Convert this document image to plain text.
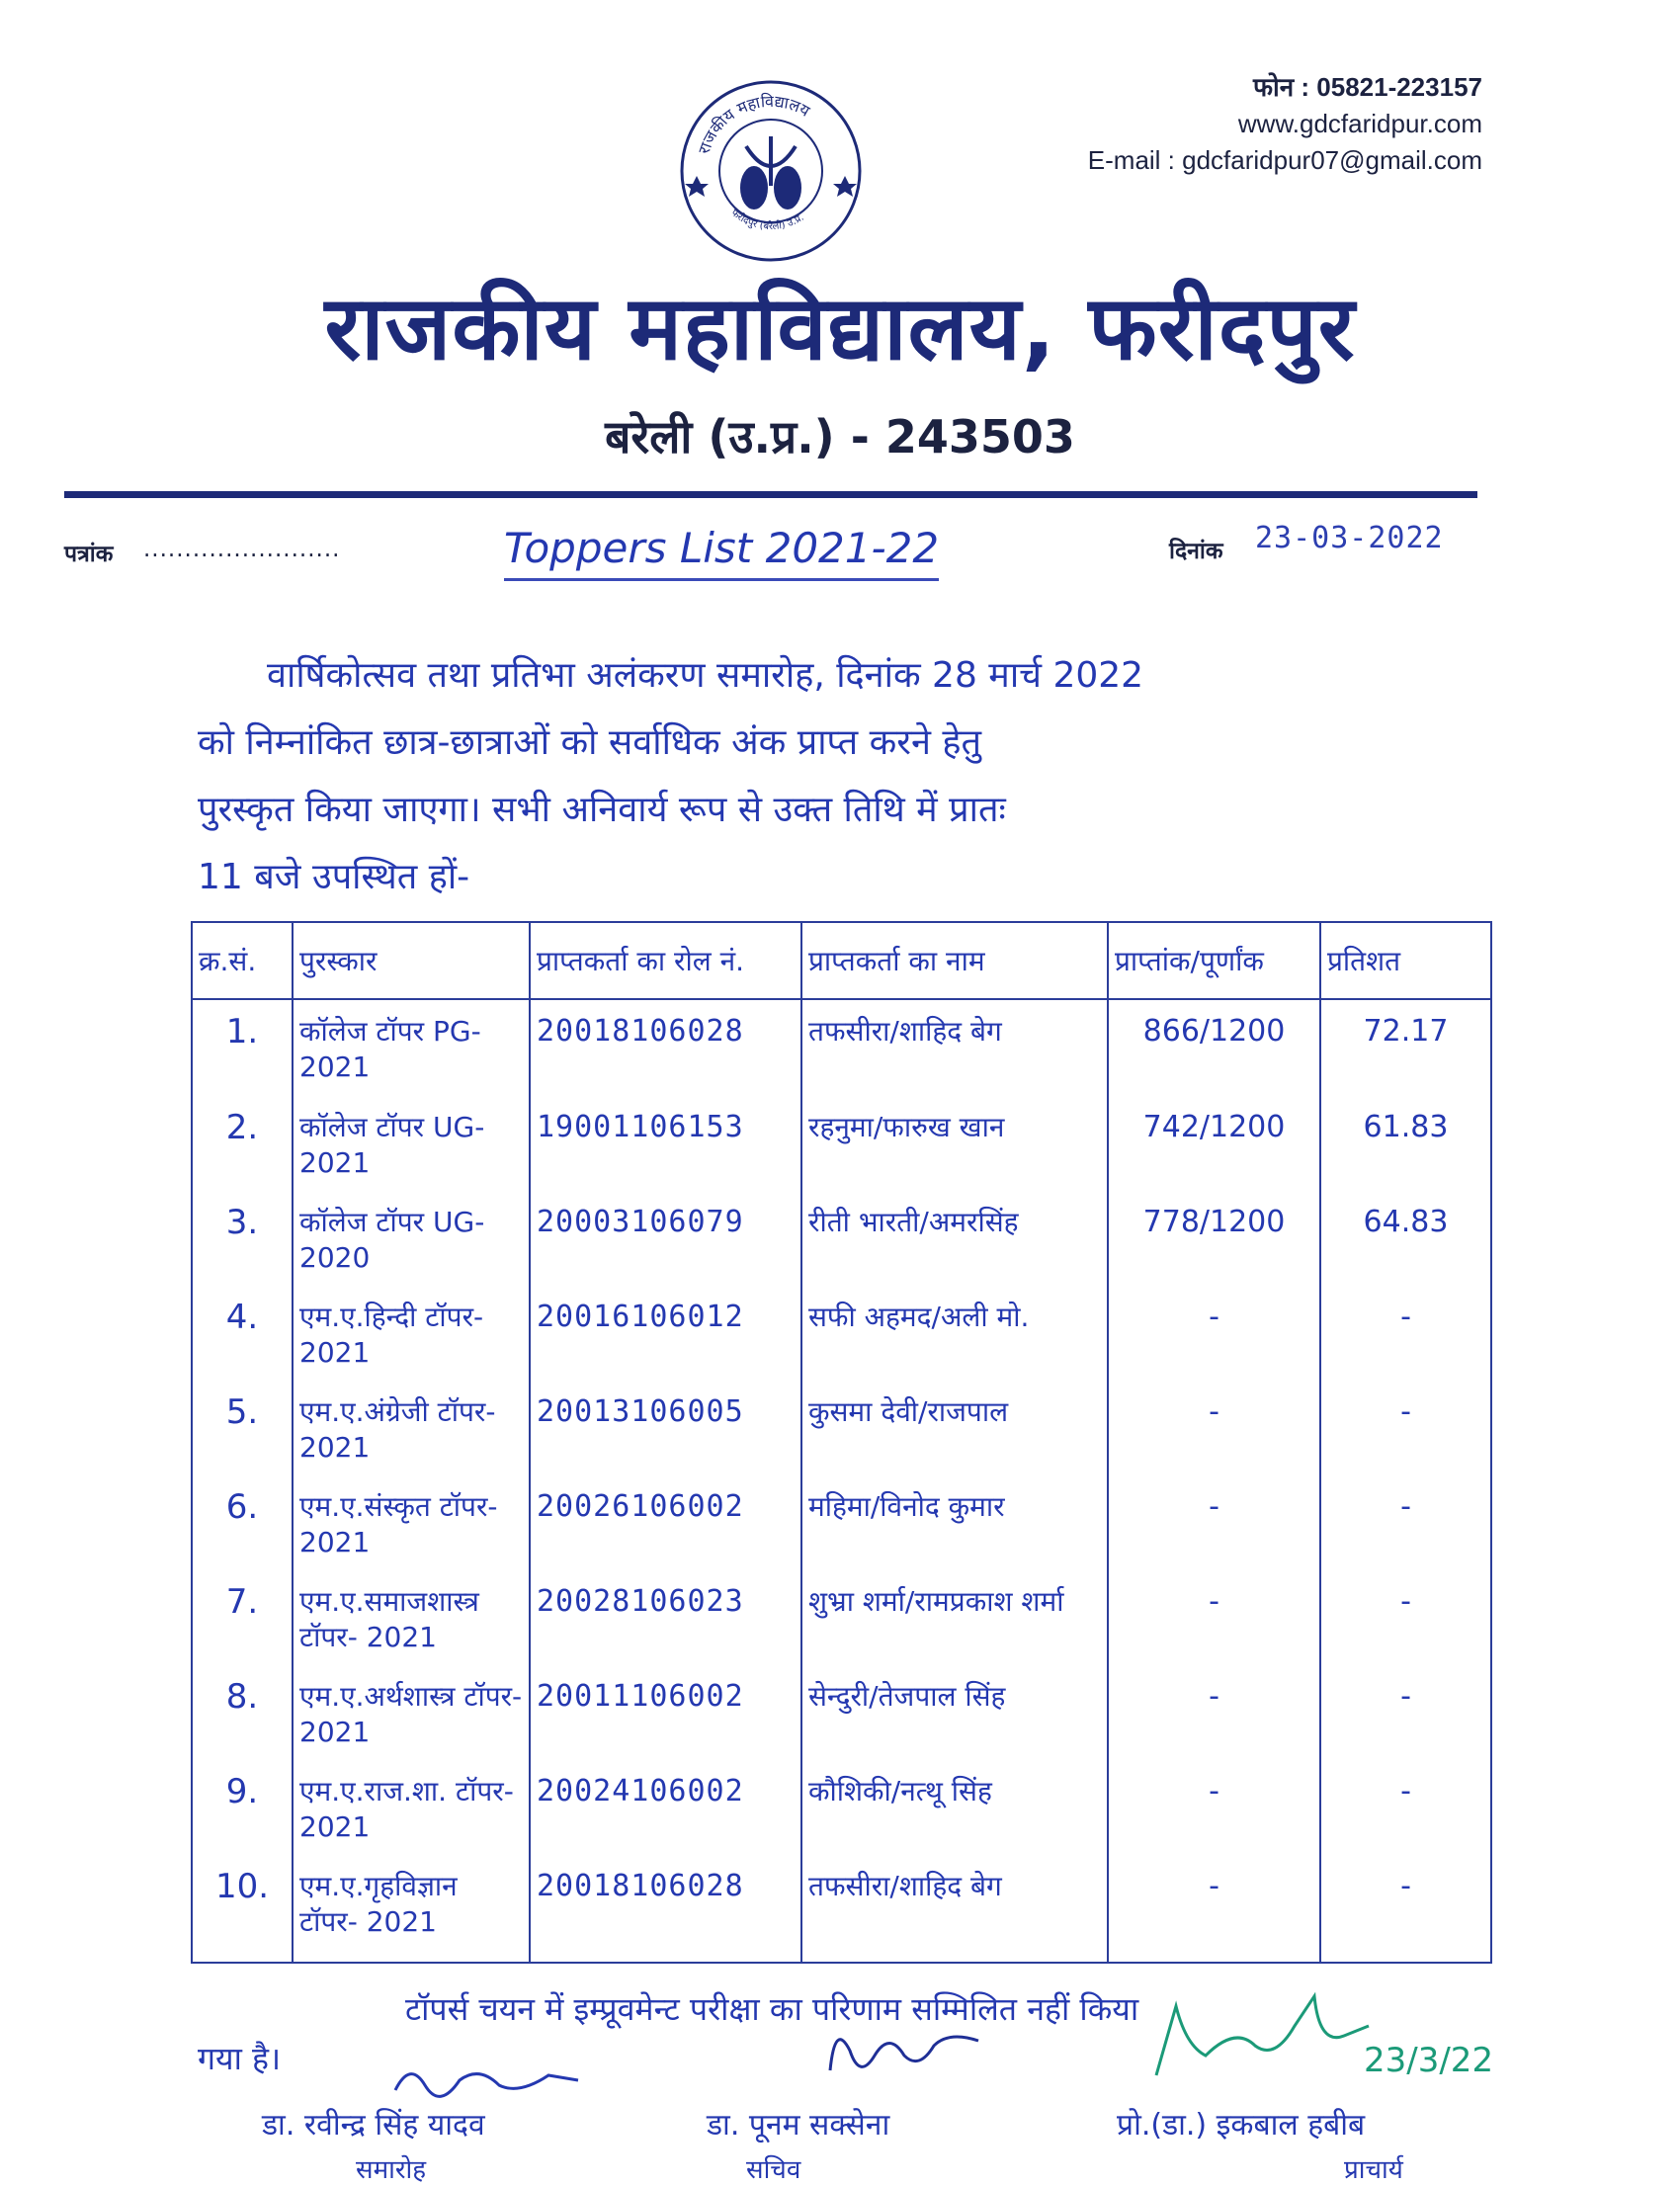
राजकीय महाविद्यालय
फरीदपुर (बरेली) उ.प्र.
फोन : 05821-223157
www.gdcfaridpur.com
E-mail : gdcfaridpur07@gmail.com
राजकीय महाविद्यालय, फरीदपुर
बरेली (उ.प्र.) - 243503
पत्रांक ........................	Toppers List 2021-22	दिनांक 23-03-2022
वार्षिकोत्सव तथा प्रतिभा अलंकरण समारोह, दिनांक 28 मार्च 2022
को निम्नांकित छात्र-छात्राओं को सर्वाधिक अंक प्राप्त करने हेतु
पुरस्कृत किया जाएगा। सभी अनिवार्य रूप से उक्त तिथि में प्रातः
11 बजे उपस्थित हों-
क्र.सं.	पुरस्कार	प्राप्तकर्ता का रोल नं.	प्राप्तकर्ता का नाम	प्राप्तांक/पूर्णांक	प्रतिशत
1.	कॉलेज टॉपर PG- 2021	20018106028	तफसीरा/शाहिद बेग	866/1200	72.17
2.	कॉलेज टॉपर UG- 2021	19001106153	रहनुमा/फारुख खान	742/1200	61.83
3.	कॉलेज टॉपर UG- 2020	20003106079	रीती भारती/अमरसिंह	778/1200	64.83
4.	एम.ए.हिन्दी टॉपर- 2021	20016106012	सफी अहमद/अली मो.	-	-
5.	एम.ए.अंग्रेजी टॉपर- 2021	20013106005	कुसमा देवी/राजपाल	-	-
6.	एम.ए.संस्कृत टॉपर- 2021	20026106002	महिमा/विनोद कुमार	-	-
7.	एम.ए.समाजशास्त्र टॉपर- 2021	20028106023	शुभ्रा शर्मा/रामप्रकाश शर्मा	-	-
8.	एम.ए.अर्थशास्त्र टॉपर- 2021	20011106002	सेन्दुरी/तेजपाल सिंह	-	-
9.	एम.ए.राज.शा. टॉपर- 2021	20024106002	कौशिकी/नत्थू सिंह	-	-
10.	एम.ए.गृहविज्ञान टॉपर- 2021	20018106028	तफसीरा/शाहिद बेग	-	-
टॉपर्स चयन में इम्प्रूवमेन्ट परीक्षा का परिणाम सम्मिलित नहीं किया
गया है।	23/3/22
डा. रवीन्द्र सिंह यादव	डा. पूनम सक्सेना	प्रो.(डा.) इकबाल हबीब
समारोह	सचिव	प्राचार्य
